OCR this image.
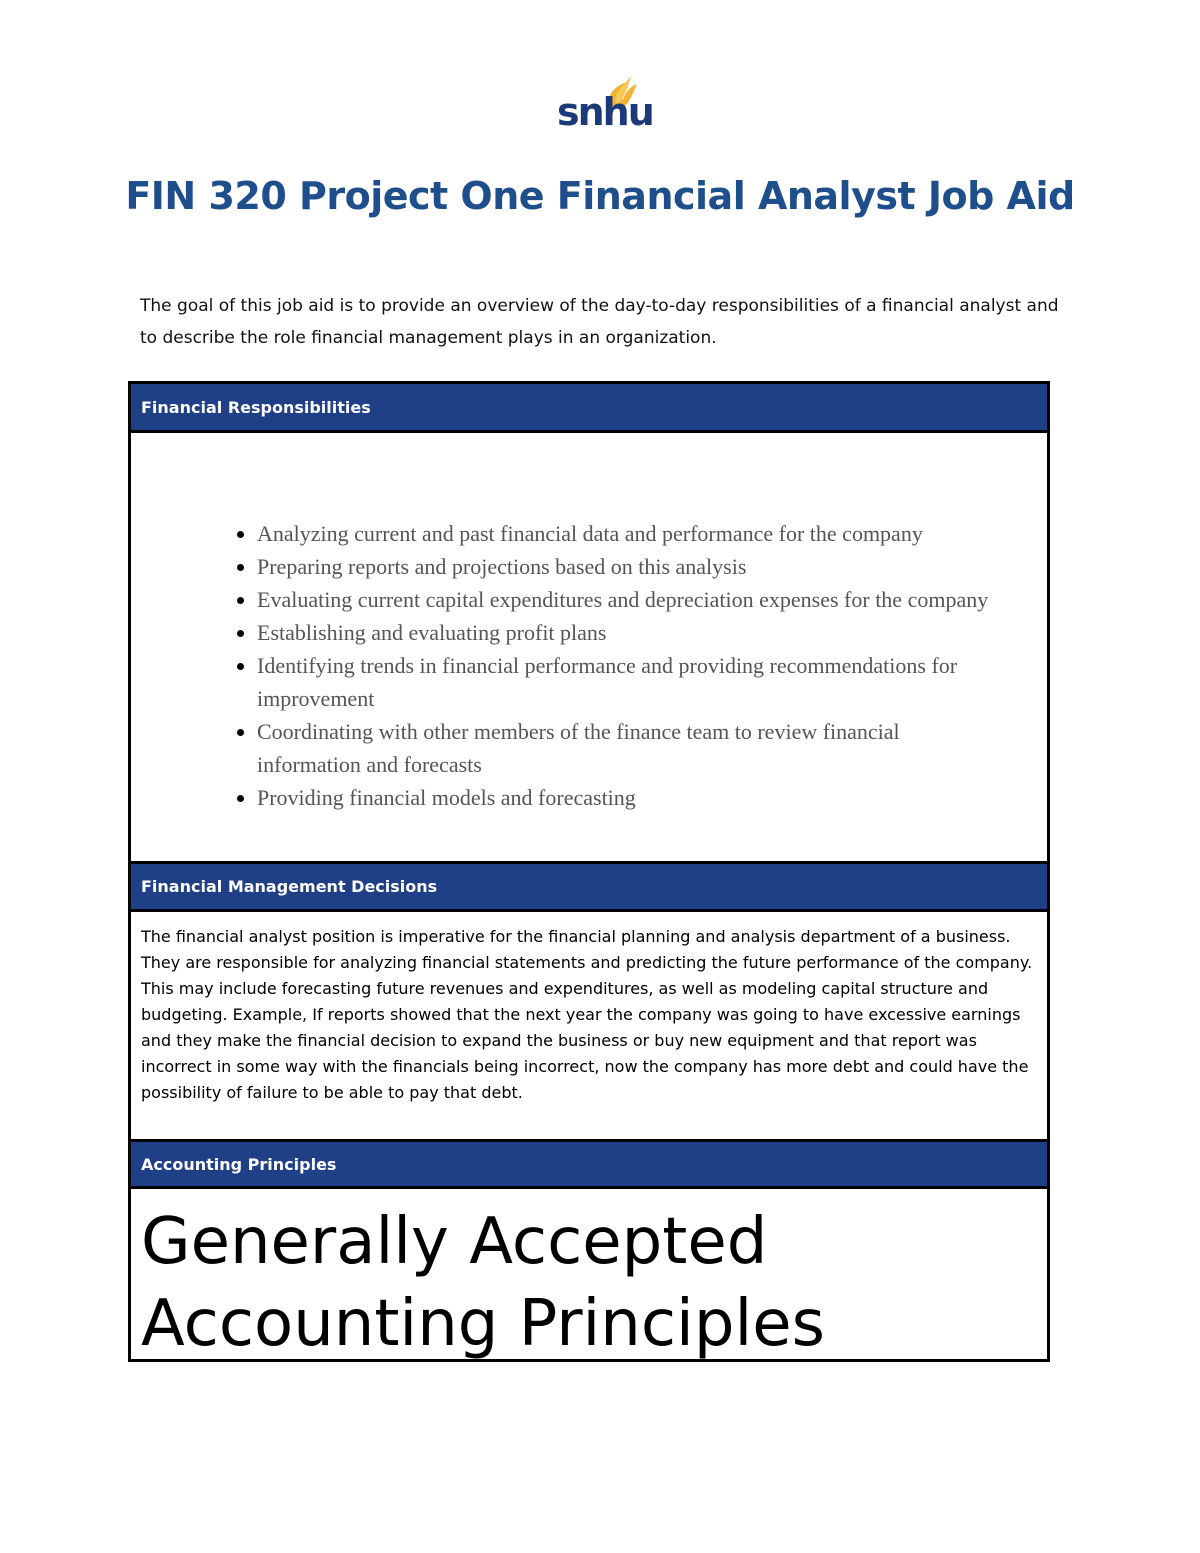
snhu
FIN 320 Project One Financial Analyst Job Aid
The goal of this job aid is to provide an overview of the day-to-day responsibilities of a financial analyst and to describe the role financial management plays in an organization.
Financial Responsibilities
• Analyzing current and past financial data and performance for the company
• Preparing reports and projections based on this analysis
• Evaluating current capital expenditures and depreciation expenses for the company
• Establishing and evaluating profit plans
• Identifying trends in financial performance and providing recommendations for improvement
• Coordinating with other members of the finance team to review financial information and forecasts
• Providing financial models and forecasting
Financial Management Decisions
The financial analyst position is imperative for the financial planning and analysis department of a business. They are responsible for analyzing financial statements and predicting the future performance of the company. This may include forecasting future revenues and expenditures, as well as modeling capital structure and budgeting. Example, If reports showed that the next year the company was going to have excessive earnings and they make the financial decision to expand the business or buy new equipment and that report was incorrect in some way with the financials being incorrect, now the company has more debt and could have the possibility of failure to be able to pay that debt.
Accounting Principles
Generally Accepted Accounting Principles
